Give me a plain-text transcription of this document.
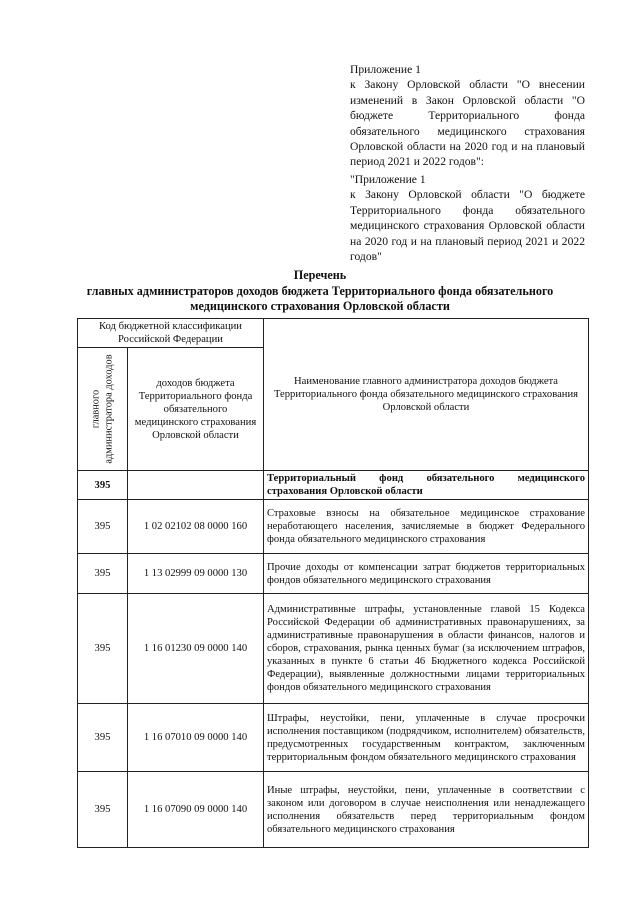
Приложение 1
к Закону Орловской области "О внесении изменений в Закон Орловской области "О бюджете Территориального фонда обязательного медицинского страхования Орловской области на 2020 год и на плановый период 2021 и 2022 годов":
"Приложение 1
к Закону Орловской области "О бюджете Территориального фонда обязательного медицинского страхования Орловской области на 2020 год и на плановый период 2021 и 2022 годов"
Перечень
главных администраторов доходов бюджета Территориального фонда обязательного медицинского страхования Орловской области
Код бюджетной классификации Российской Федерации		Наименование главного администратора доходов бюджета Территориального фонда обязательного медицинского страхования Орловской области

главного администратора доходов	доходов бюджета Территориального фонда обязательного медицинского страхования Орловской области	
395		Территориальный фонд обязательного медицинского страхования Орловской области
395	1 02 02102 08 0000 160	Страховые взносы на обязательное медицинское страхование неработающего населения, зачисляемые в бюджет Федерального фонда обязательного медицинского страхования
395	1 13 02999 09 0000 130	Прочие доходы от компенсации затрат бюджетов территориальных фондов обязательного медицинского страхования
395	1 16 01230 09 0000 140	Административные штрафы, установленные главой 15 Кодекса Российской Федерации об административных правонарушениях, за административные правонарушения в области финансов, налогов и сборов, страхования, рынка ценных бумаг (за исключением штрафов, указанных в пункте 6 статьи 46 Бюджетного кодекса Российской Федерации), выявленные должностными лицами территориальных фондов обязательного медицинского страхования
395	1 16 07010 09 0000 140	Штрафы, неустойки, пени, уплаченные в случае просрочки исполнения поставщиком (подрядчиком, исполнителем) обязательств, предусмотренных государственным контрактом, заключенным территориальным фондом обязательного медицинского страхования
395	1 16 07090 09 0000 140	Иные штрафы, неустойки, пени, уплаченные в соответствии с законом или договором в случае неисполнения или ненадлежащего исполнения обязательств перед территориальным фондом обязательного медицинского страхования
